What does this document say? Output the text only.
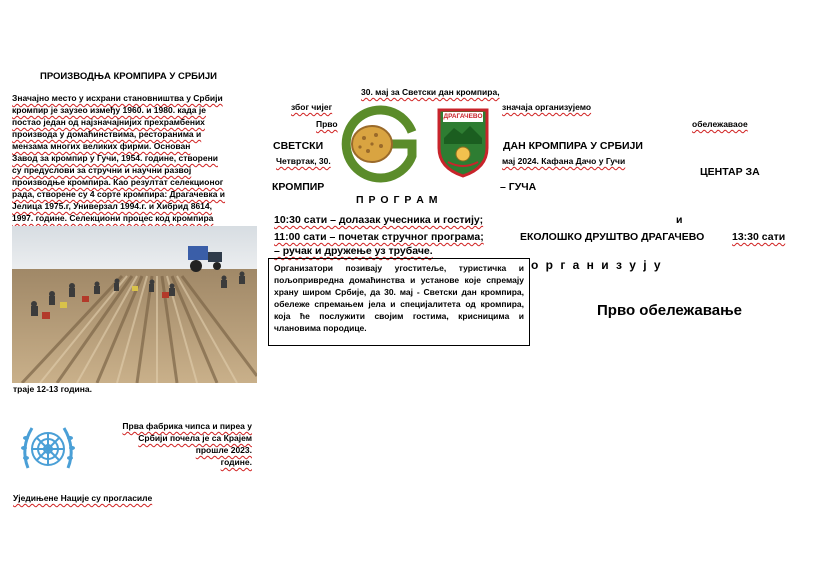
ПРОИЗВОДЊА КРОМПИРА У СРБИЈИ
Значајно место у исхрани становништва у Србији
кромпир је заузео између 1960. и 1980. када је
постао један од најзначајнијих прехрамбених
производа у домаћинствима, ресторанима и
мензама многих великих фирми. Основан
Завод за кромпир у Гучи, 1954. године, створени
су предуслови за стручни и научни развој
производње кромпира. Као резултат селекционог
рада, створене су 4 сорте кромпира: Драгачевка и
Јелица 1975.г, Универзал 1994.г. и Хибрид 8614,
1997. године. Селекциони процес код кромпира
траје 12-13 година.
Прва фабрика чипса и пиреа у
Србији почела је са Крајем
прошле 2023.
године.
Уједињене Нације су прогласиле
30. мај за Светски дан кромпира,
због чијег	значаја организујемо
Прво	обележаваое
ДРАГАЧЕВО
СВЕТСКИ	ДАН КРОМПИРА У СРБИЈИ
Четвртак, 30.	мај 2024. Кафана Дачо у Гучи
ЦЕНТАР ЗА
КРОМПИР	– ГУЧА
П Р О Г Р А М
10:30 сати – долазак учесника и гостију;	и
11:00 сати – почетак стручног програма;	ЕКОЛОШКО ДРУШТВО ДРАГАЧЕВО	13:30 сати
– ручак и дружење уз трубаче.
Организатори позивају угоститеље, туристичка и пољопривредна домаћинства и установе које спремају храну широм Србије, да 30. мај - Светски дан кромпира, обележе спремањем јела и специјалитета од кромпира, која ће послужити својим гостима, крисницима и члановима породице.
о р г а н и з у ј у
Прво обележавање
